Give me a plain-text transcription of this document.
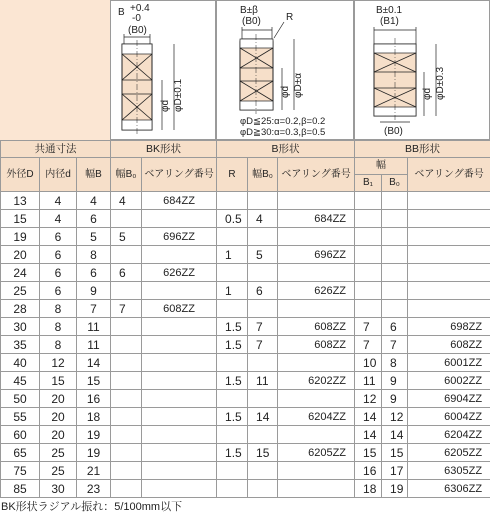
B +0.4
-0
(B0)
φd φD±0.1
B±β
(B0)	R
φd φD±α
φD≦25:α=0.2,β=0.2
φD≧30:α=0.3,β=0.5
B±0.1
(B1)
(B0)
φd φD±0.3
共通寸法			BK形状		B形状			BB形状		
外径D	内径d	幅B	幅B₀	ベアリング番号	R	幅B₀	ベアリング番号	幅		ベアリング番号
								B₁	B₀	
13	4	4	4	684ZZ						
15	4	6			0.5	4	684ZZ			
19	6	5	5	696ZZ						
20	6	8			1	5	696ZZ			
24	6	6	6	626ZZ						
25	6	9			1	6	626ZZ			
28	8	7	7	608ZZ						
30	8	11			1.5	7	608ZZ	7	6	698ZZ
35	8	11			1.5	7	608ZZ	7	7	608ZZ
40	12	14						10	8	6001ZZ
45	15	15			1.5	11	6202ZZ	11	9	6002ZZ
50	20	16						12	9	6904ZZ
55	20	18			1.5	14	6204ZZ	14	12	6004ZZ
60	20	19						14	14	6204ZZ
65	25	19			1.5	15	6205ZZ	15	15	6205ZZ
75	25	21						16	17	6305ZZ
85	30	23						18	19	6306ZZ
BK形状ラジアル振れ：5/100mm以下
